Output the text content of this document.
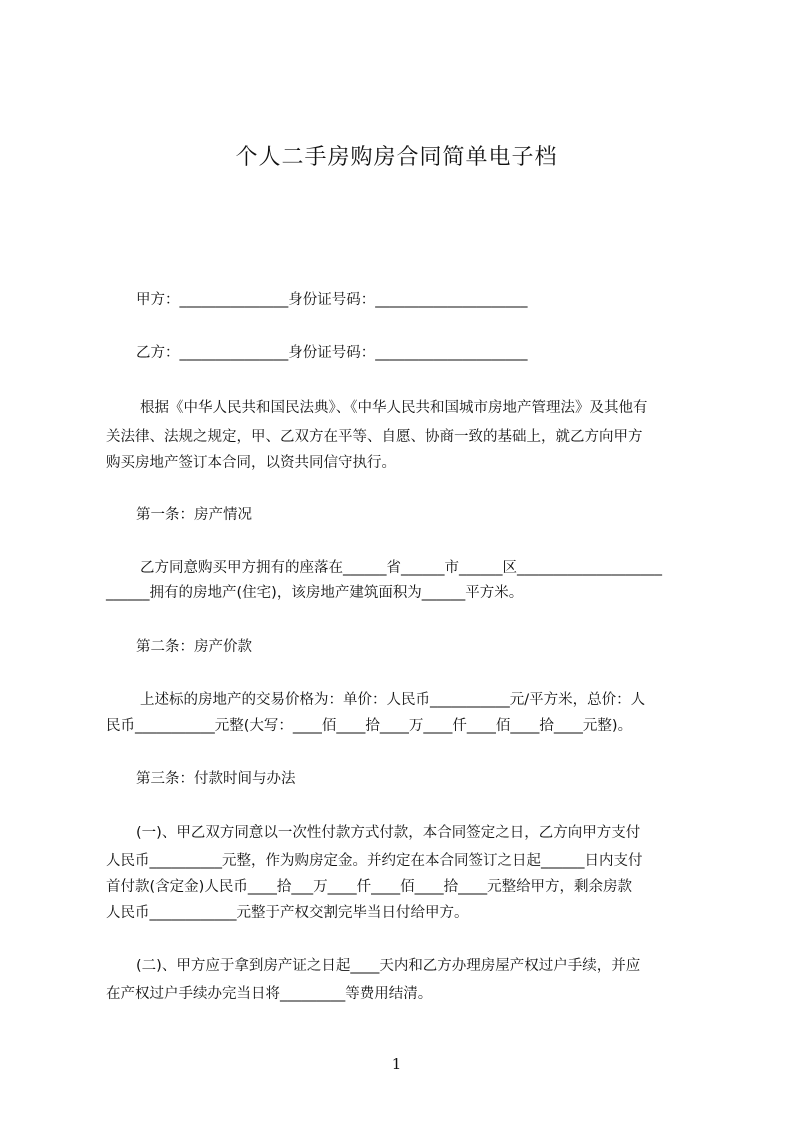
个人二手房购房合同简单电子档
甲方：_______________身份证号码：_____________________
乙方：_______________身份证号码：_____________________
根据《中华人民共和国民法典》、《中华人民共和国城市房地产管理法》及其他有
关法律、法规之规定，甲、乙双方在平等、自愿、协商一致的基础上，就乙方向甲方
购买房地产签订本合同，以资共同信守执行。
第一条：房产情况
乙方同意购买甲方拥有的座落在______省______市______区____________________
______拥有的房地产(住宅)，该房地产建筑面积为______平方米。
第二条：房产价款
上述标的房地产的交易价格为：单价：人民币___________元/平方米，总价：人
民币___________元整(大写：____佰____拾____万____仟____佰____拾____元整)。
第三条：付款时间与办法
(一)、甲乙双方同意以一次性付款方式付款，本合同签定之日，乙方向甲方支付
人民币__________元整，作为购房定金。并约定在本合同签订之日起______日内支付
首付款(含定金)人民币____拾___万____仟____佰____拾____元整给甲方，剩余房款
人民币____________元整于产权交割完毕当日付给甲方。
(二)、甲方应于拿到房产证之日起____天内和乙方办理房屋产权过户手续，并应
在产权过户手续办完当日将_________等费用结清。
1
